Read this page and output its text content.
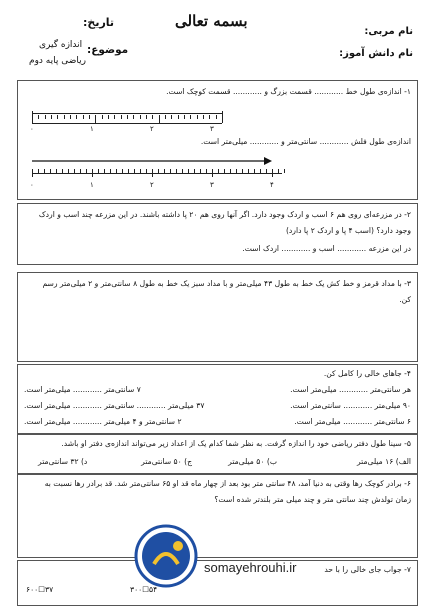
بسمه تعالی
نام مربی:
نام دانش آموز:
تاریخ:
موضوع:
اندازه گیری
ریاضی پایه دوم
۱- اندازه‌ی طول خط ............ قسمت بزرگ و ............ قسمت کوچک است.
۰	۱	۲	۳
اندازه‌ی طول فلش ............ سانتی‌متر و ............ میلی‌متر است.
۰	۱	۲	۳	۴
۲- در مزرعه‌ای روی هم ۶ اسب و اردک وجود دارد. اگر آنها روی هم ۲۰ پا داشته باشند. در این مزرعه چند اسب و اردک
وجود دارد؟ (اسب ۴ پا و اردک ۲ پا دارد)
در این مزرعه ............ اسب و ............ اردک است.
۳- با مداد قرمز و خط کش یک خط به طول ۴۳ میلی‌متر و با مداد سبز یک خط به طول ۸ سانتی‌متر و ۲ میلی‌متر رسم
کن.
۴- جاهای خالی را کامل کن.
هر سانتی‌متر ............ میلی‌متر است.
۷ سانتی‌متر ............ میلی‌متر است.
۹۰ میلی‌متر ............ سانتی‌متر است.
۳۷ میلی‌متر ............ سانتی‌متر ............ میلی‌متر است.
۶ سانتی‌متر ............ میلی‌متر است.
۲ سانتی‌متر و ۴ میلی‌متر ............ میلی‌متر است.
۵- سینا طول دفتر ریاضی خود را اندازه گرفت. به نظر شما کدام یک از اعداد زیر می‌تواند اندازه‌ی دفتر او باشد.
الف) ۱۶ میلی‌متر
ب) ۵۰ میلی‌متر
ج) ۵۰ سانتی‌متر
د) ۳۲ سانتی‌متر
۶- برادر کوچک رها وقتی به دنیا آمد، ۴۸ سانتی متر بود بعد از چهار ماه قد او ۶۵ سانتی‌متر شد. قد برادر رها نسبت به
زمان تولدش چند سانتی متر و چند میلی متر بلندتر شده است؟
۷- جواب جای خالی را با حد
۳۰۰☐۵۴
۶۰۰☐۳۷
somayehrouhi.ir
